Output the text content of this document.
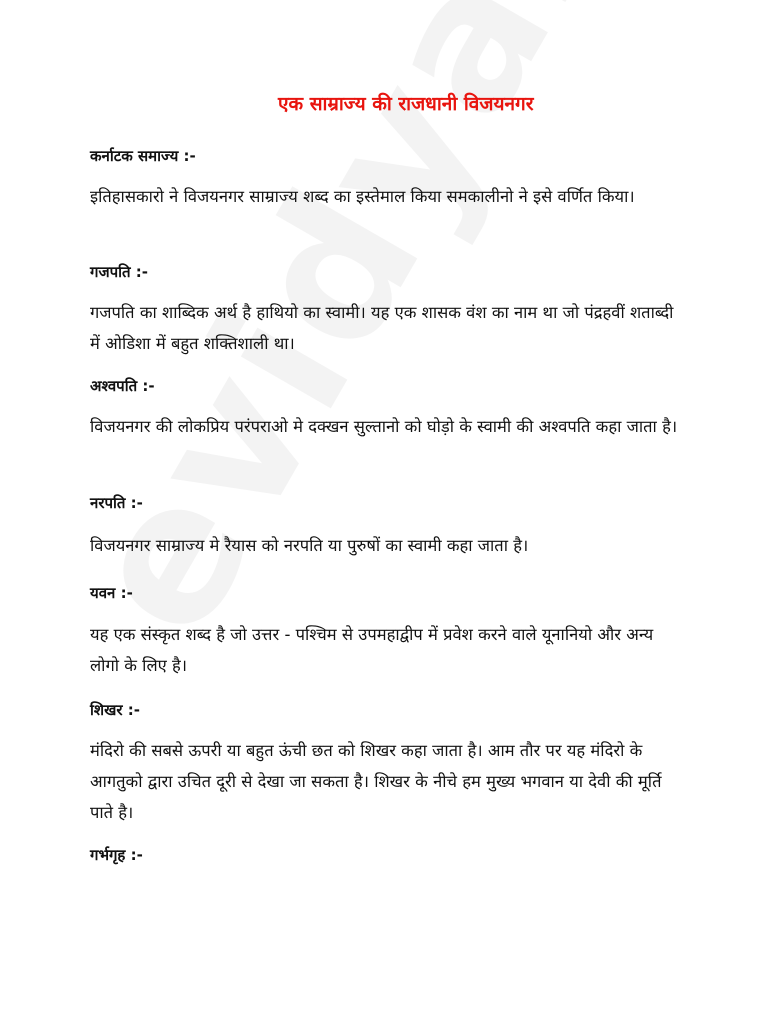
एक साम्राज्य की राजधानी विजयनगर
कर्नाटक समाज्य :-
इतिहासकारो ने विजयनगर साम्राज्य शब्द का इस्तेमाल किया समकालीनो ने इसे वर्णित किया।
गजपति :-
गजपति का शाब्दिक अर्थ है हाथियो का स्वामी। यह एक शासक वंश का नाम था जो पंद्रहवीं शताब्दी में ओडिशा में बहुत शक्तिशाली था।
अश्वपति :-
विजयनगर की लोकप्रिय परंपराओ मे दक्खन सुल्तानो को घोड़ो के स्वामी की अश्वपति कहा जाता है।
नरपति :-
विजयनगर साम्राज्य मे रैयास को नरपति या पुरुषों का स्वामी कहा जाता है।
यवन :-
यह एक संस्कृत शब्द है जो उत्तर - पश्चिम से उपमहाद्वीप में प्रवेश करने वाले यूनानियो और अन्य लोगो के लिए है।
शिखर :-
मंदिरो की सबसे ऊपरी या बहुत ऊंची छत को शिखर कहा जाता है। आम तौर पर यह मंदिरो के आगतुको द्वारा उचित दूरी से देखा जा सकता है। शिखर के नीचे हम मुख्य भगवान या देवी की मूर्ति पाते है।
गर्भगृह :-
